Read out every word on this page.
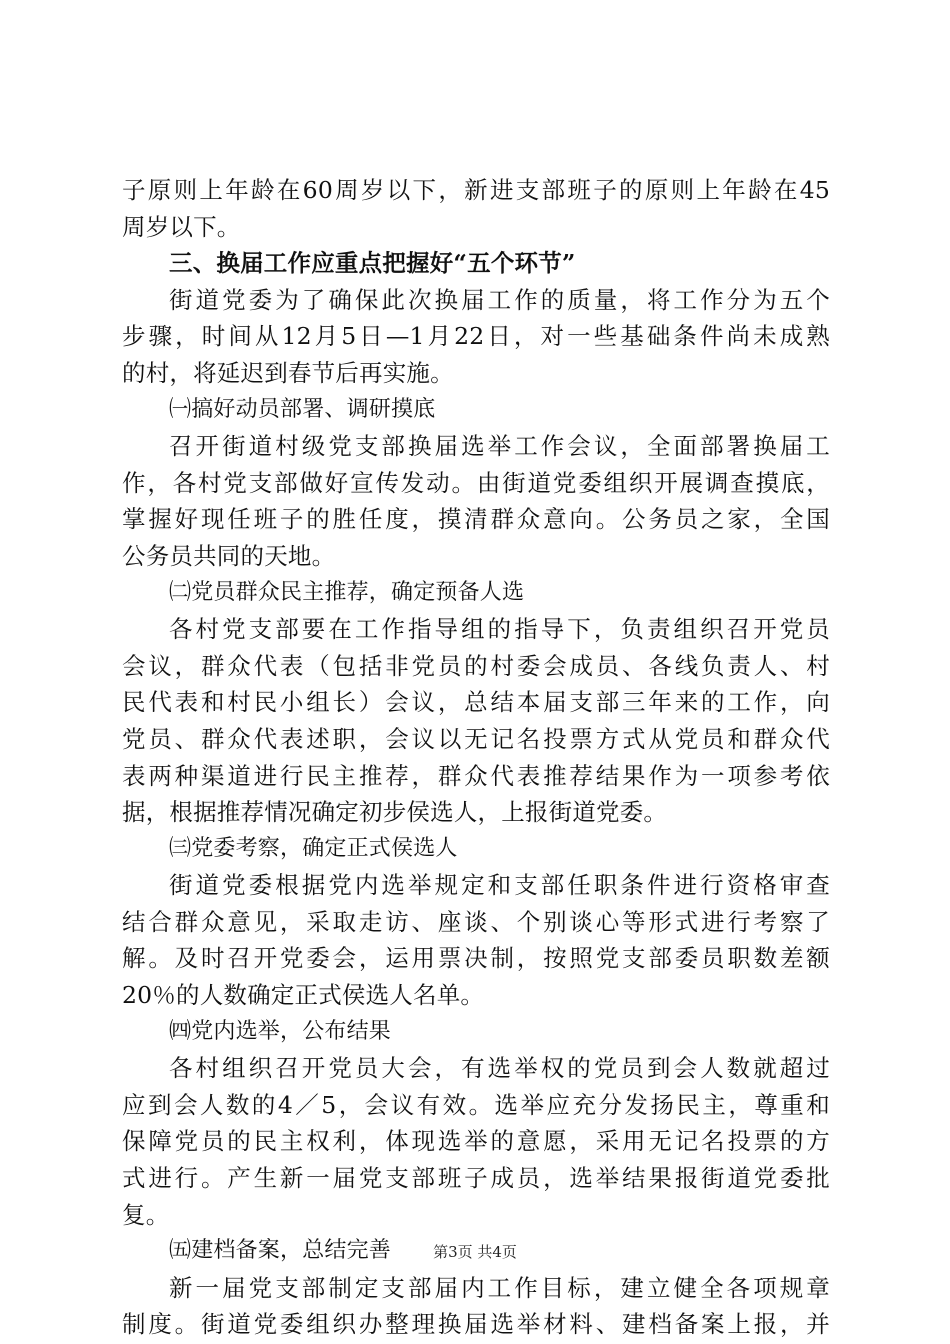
子原则上年龄在60周岁以下，新进支部班子的原则上年龄在45
周岁以下。
三、换届工作应重点把握好“五个环节”
街道党委为了确保此次换届工作的质量，将工作分为五个
步骤，时间从12月5日—1月22日，对一些基础条件尚未成熟
的村，将延迟到春节后再实施。
㈠搞好动员部署、调研摸底
召开街道村级党支部换届选举工作会议，全面部署换届工
作，各村党支部做好宣传发动。由街道党委组织开展调查摸底，
掌握好现任班子的胜任度，摸清群众意向。公务员之家，全国
公务员共同的天地。
㈡党员群众民主推荐，确定预备人选
各村党支部要在工作指导组的指导下，负责组织召开党员
会议，群众代表（包括非党员的村委会成员、各线负责人、村
民代表和村民小组长）会议，总结本届支部三年来的工作，向
党员、群众代表述职，会议以无记名投票方式从党员和群众代
表两种渠道进行民主推荐，群众代表推荐结果作为一项参考依
据，根据推荐情况确定初步侯选人，上报街道党委。
㈢党委考察，确定正式侯选人
街道党委根据党内选举规定和支部任职条件进行资格审查
结合群众意见，采取走访、座谈、个别谈心等形式进行考察了
解。及时召开党委会，运用票决制，按照党支部委员职数差额
20％的人数确定正式侯选人名单。
㈣党内选举，公布结果
各村组织召开党员大会，有选举权的党员到会人数就超过
应到会人数的4／5，会议有效。选举应充分发扬民主，尊重和
保障党员的民主权利，体现选举的意愿，采用无记名投票的方
式进行。产生新一届党支部班子成员，选举结果报街道党委批
复。
㈤建档备案，总结完善
新一届党支部制定支部届内工作目标，建立健全各项规章
制度。街道党委组织办整理换届选举材料、建档备案上报，并
第3页 共4页
